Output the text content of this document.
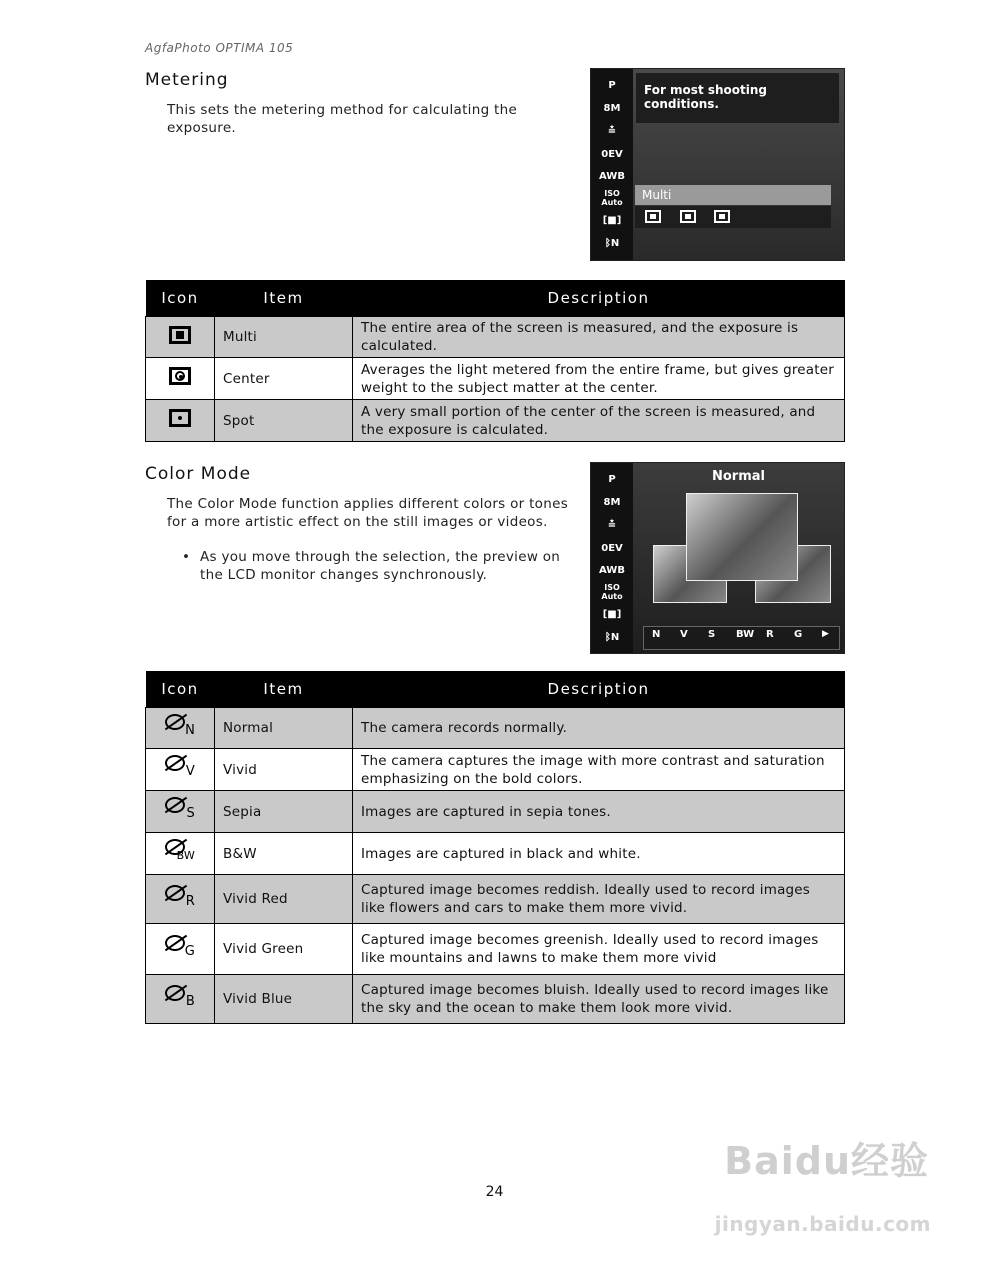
AgfaPhoto OPTIMA 105
Metering
This sets the metering method for calculating the exposure.
P
8M
≛
0EV
AWB
ISO Auto
[■]
ᛒN
For most shooting conditions.
Multi
Icon	Item	Description

	Multi	The entire area of the screen is measured, and the exposure is calculated.

	Center	Averages the light metered from the entire frame, but gives greater weight to the subject matter at the center.

	Spot	A very small portion of the center of the screen is measured, and the exposure is calculated.
Color Mode
The Color Mode function applies different colors or tones for a more artistic effect on the still images or videos.
• As you move through the selection, the preview on the LCD monitor changes synchronously.
P
8M
≛
0EV
AWB
ISO Auto
[■]
ᛒN
Normal
N V S BW R G ▶
Icon	Item	Description

N	Normal	The camera records normally.

V	Vivid	The camera captures the image with more contrast and saturation emphasizing on the bold colors.

S	Sepia	Images are captured in sepia tones.

BW	B&W	Images are captured in black and white.

R	Vivid Red	Captured image becomes reddish. Ideally used to record images like flowers and cars to make them more vivid.

G	Vivid Green	Captured image becomes greenish. Ideally used to record images like mountains and lawns to make them more vivid

B	Vivid Blue	Captured image becomes bluish. Ideally used to record images like the sky and the ocean to make them look more vivid.
Baidu经验
jingyan.baidu.com
24
